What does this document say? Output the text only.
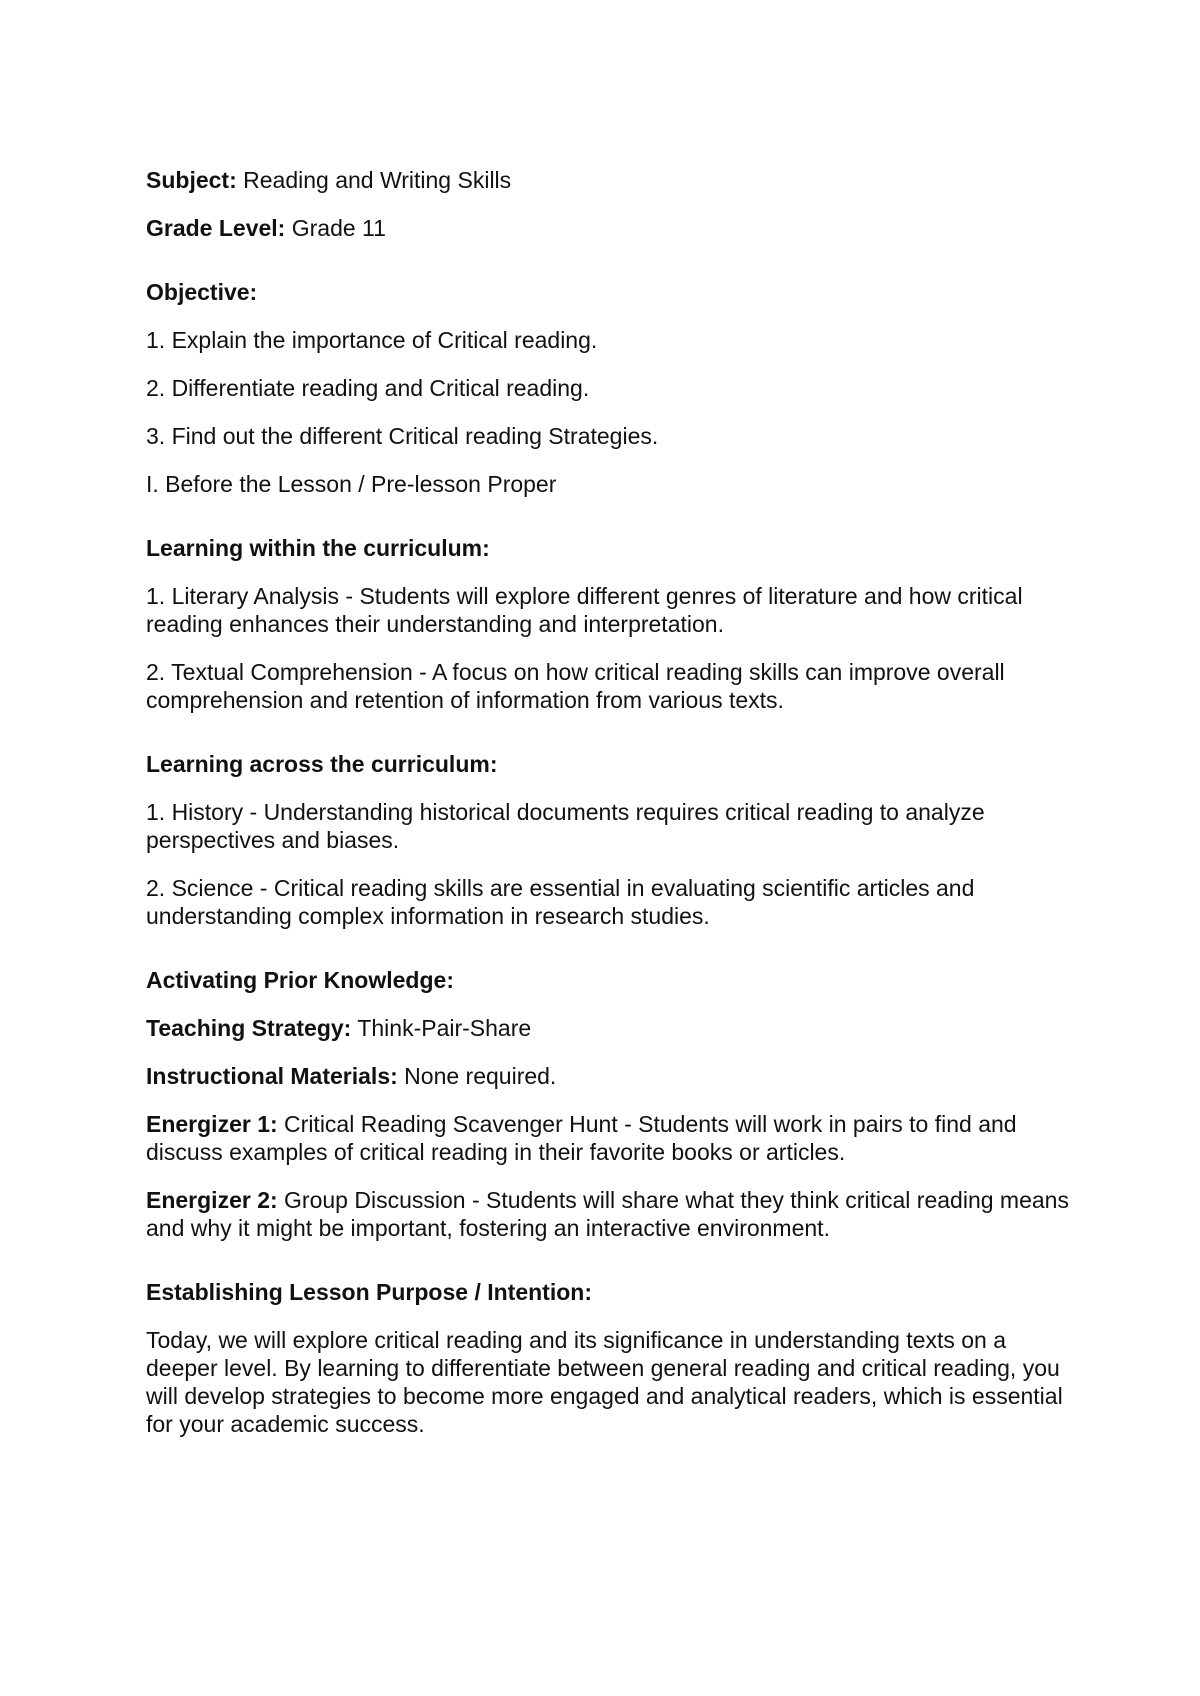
Subject: Reading and Writing Skills

Grade Level: Grade 11

Objective:

1. Explain the importance of Critical reading.

2. Differentiate reading and Critical reading.

3. Find out the different Critical reading Strategies.

I. Before the Lesson / Pre-lesson Proper

Learning within the curriculum:

1. Literary Analysis - Students will explore different genres of literature and how critical reading enhances their understanding and interpretation.

2. Textual Comprehension - A focus on how critical reading skills can improve overall comprehension and retention of information from various texts.

Learning across the curriculum:

1. History - Understanding historical documents requires critical reading to analyze perspectives and biases.

2. Science - Critical reading skills are essential in evaluating scientific articles and understanding complex information in research studies.

Activating Prior Knowledge:

Teaching Strategy: Think-Pair-Share

Instructional Materials: None required.

Energizer 1: Critical Reading Scavenger Hunt - Students will work in pairs to find and discuss examples of critical reading in their favorite books or articles.

Energizer 2: Group Discussion - Students will share what they think critical reading means and why it might be important, fostering an interactive environment.

Establishing Lesson Purpose / Intention:

Today, we will explore critical reading and its significance in understanding texts on a deeper level. By learning to differentiate between general reading and critical reading, you will develop strategies to become more engaged and analytical readers, which is essential for your academic success.
